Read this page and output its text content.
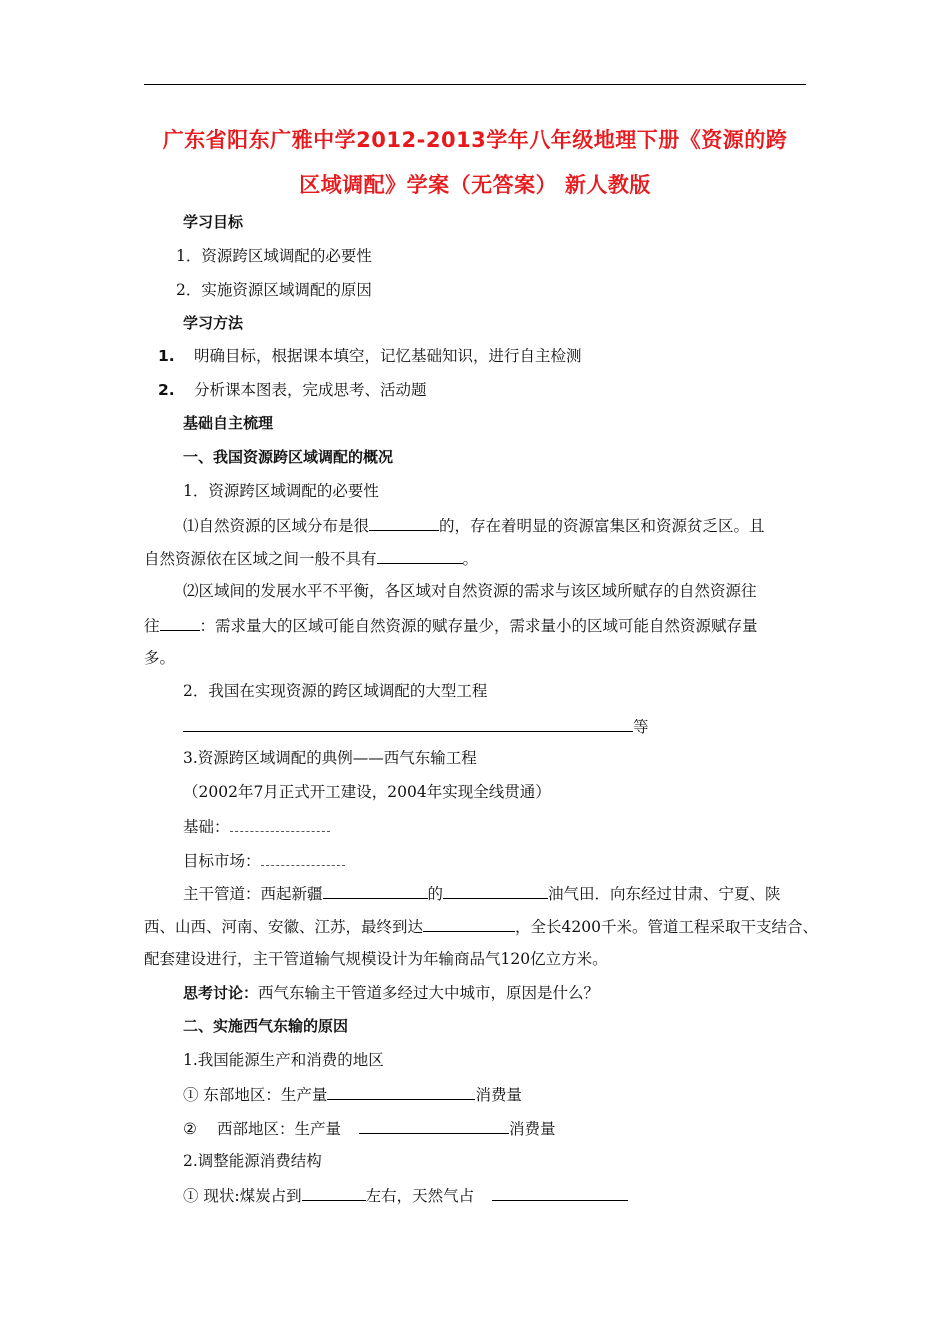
广东省阳东广雅中学2012-2013学年八年级地理下册《资源的跨
区域调配》学案（无答案） 新人教版
学习目标
1．资源跨区域调配的必要性
2．实施资源区域调配的原因
学习方法
1. 明确目标，根据课本填空，记忆基础知识，进行自主检测
2. 分析课本图表，完成思考、活动题
基础自主梳理
一、我国资源跨区域调配的概况
1．资源跨区域调配的必要性
⑴自然资源的区域分布是很	的，存在着明显的资源富集区和资源贫乏区。且
自然资源依在区域之间一般不具有	。
⑵区域间的发展水平不平衡，各区域对自然资源的需求与该区域所赋存的自然资源往
往	：需求量大的区域可能自然资源的赋存量少，需求量小的区域可能自然资源赋存量
多。
2．我国在实现资源的跨区域调配的大型工程
等
3.资源跨区域调配的典例——西气东输工程
（2002年7月正式开工建设，2004年实现全线贯通）
基础：
目标市场：
主干管道：西起新疆	的	油气田．向东经过甘肃、宁夏、陕
西、山西、河南、安徽、江苏，最终到达	，全长4200千米。管道工程采取干支结合、
配套建设进行，主干管道输气规模设计为年输商品气120亿立方米。
思考讨论：西气东输主干管道多经过大中城市，原因是什么？
二、实施西气东输的原因
1.我国能源生产和消费的地区
① 东部地区：生产量	消费量
② 西部地区：生产量	消费量
2.调整能源消费结构
① 现状:煤炭占到	左右，天然气占
